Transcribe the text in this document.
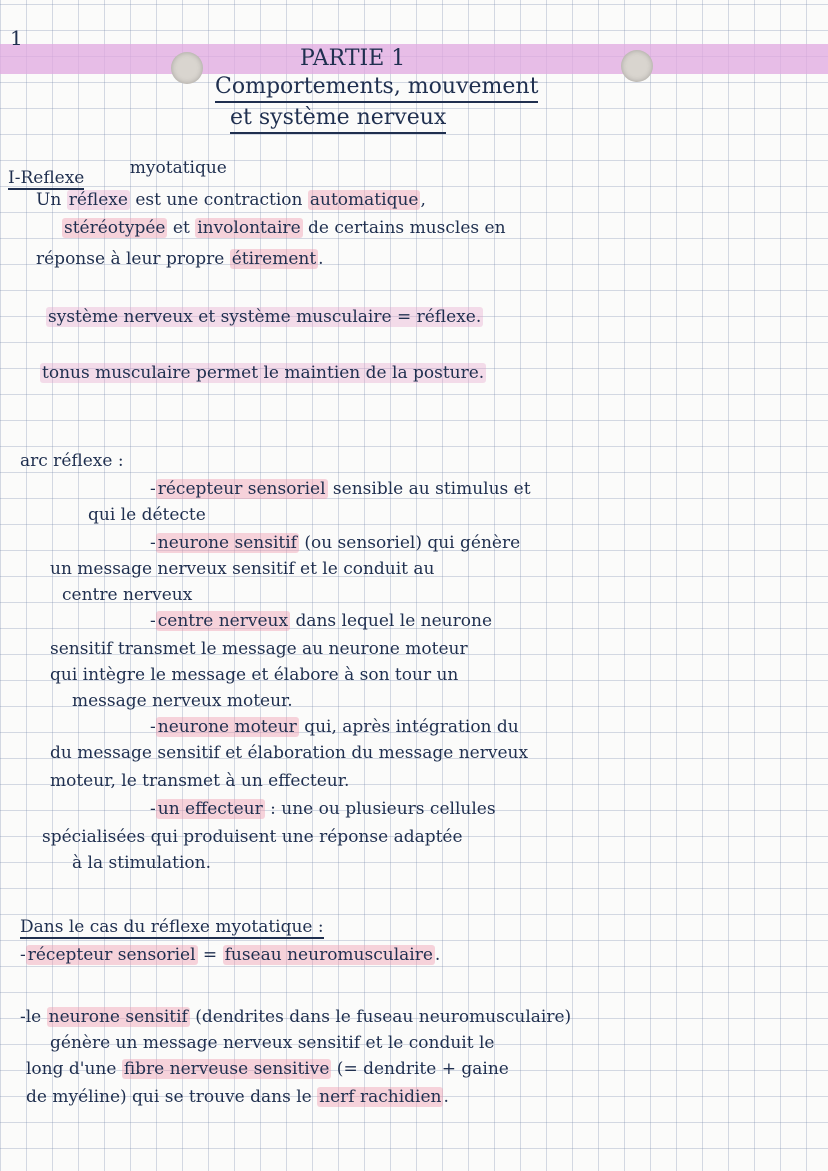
1
PARTIE 1
Comportements, mouvement
et système nerveux
I-Reflexe	myotatique
Un réflexe est une contraction automatique ,
stéréotypée et involontaire de certains muscles en
réponse à leur propre étirement .
système nerveux et système musculaire = réflexe.
tonus musculaire permet le maintien de la posture.
arc réflexe :
- récepteur sensoriel sensible au stimulus et
qui le détecte
- neurone sensitif (ou sensoriel) qui génère
un message nerveux sensitif et le conduit au
centre nerveux
- centre nerveux dans lequel le neurone
sensitif transmet le message au neurone moteur
qui intègre le message et élabore à son tour un
message nerveux moteur.
- neurone moteur qui, après intégration du
du message sensitif et élaboration du message nerveux
moteur, le transmet à un effecteur.
- un effecteur : une ou plusieurs cellules
spécialisées qui produisent une réponse adaptée
à la stimulation.
Dans le cas du réflexe myotatique :
- récepteur sensoriel = fuseau neuromusculaire .
-le neurone sensitif (dendrites dans le fuseau neuromusculaire)
génère un message nerveux sensitif et le conduit le
long d'une fibre nerveuse sensitive (= dendrite + gaine
de myéline) qui se trouve dans le nerf rachidien .
